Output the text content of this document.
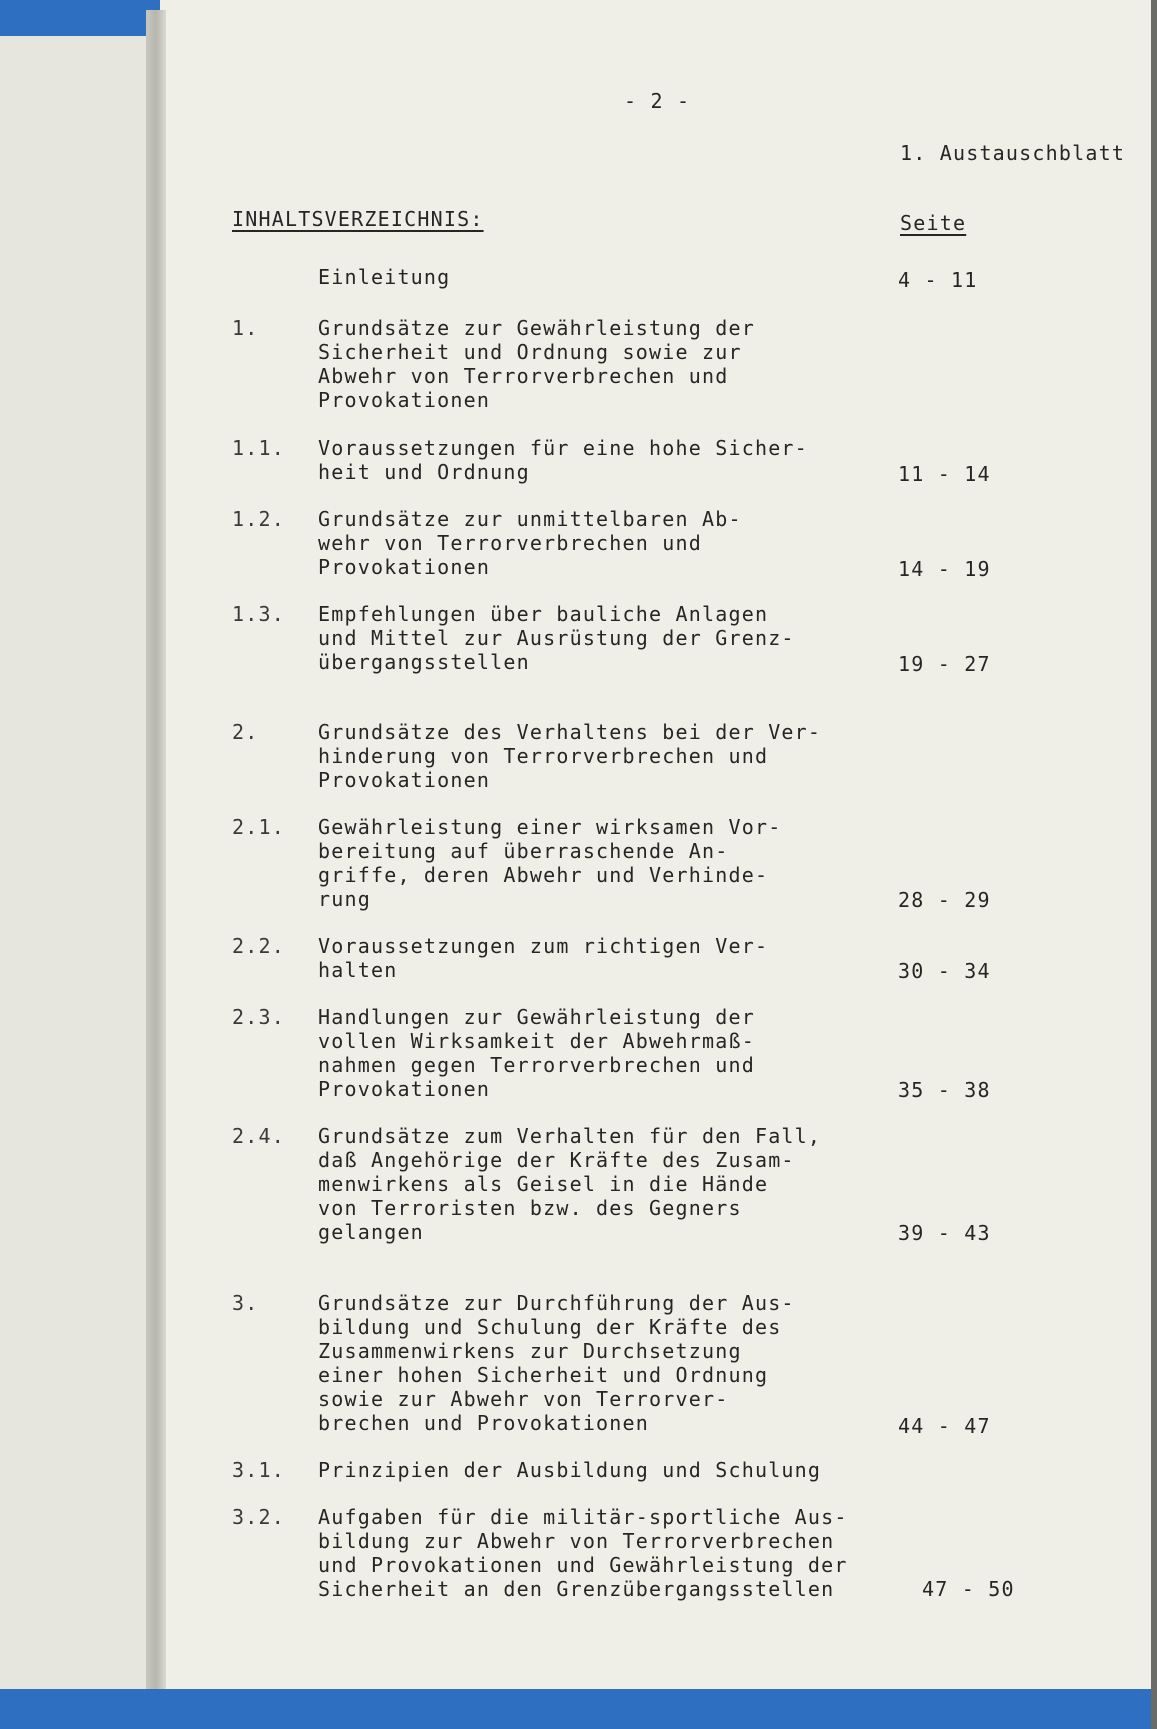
- 2 -
1. Austauschblatt
INHALTSVERZEICHNIS:	Seite
Einleitung	4 - 11
1.	Grundsätze zur Gewährleistung der
Sicherheit und Ordnung sowie zur
Abwehr von Terrorverbrechen und
Provokationen
1.1. Voraussetzungen für eine hohe Sicher-
heit und Ordnung	11 - 14
1.2. Grundsätze zur unmittelbaren Ab-
wehr von Terrorverbrechen und
Provokationen	14 - 19
1.3. Empfehlungen über bauliche Anlagen
und Mittel zur Ausrüstung der Grenz-
übergangsstellen	19 - 27
2.	Grundsätze des Verhaltens bei der Ver-
hinderung von Terrorverbrechen und
Provokationen
2.1. Gewährleistung einer wirksamen Vor-
bereitung auf überraschende An-
griffe, deren Abwehr und Verhinde-
rung	28 - 29
2.2. Voraussetzungen zum richtigen Ver-
halten	30 - 34
2.3. Handlungen zur Gewährleistung der
vollen Wirksamkeit der Abwehrmaß-
nahmen gegen Terrorverbrechen und
Provokationen	35 - 38
2.4. Grundsätze zum Verhalten für den Fall,
daß Angehörige der Kräfte des Zusam-
menwirkens als Geisel in die Hände
von Terroristen bzw. des Gegners
gelangen	39 - 43
3.	Grundsätze zur Durchführung der Aus-
bildung und Schulung der Kräfte des
Zusammenwirkens zur Durchsetzung
einer hohen Sicherheit und Ordnung
sowie zur Abwehr von Terrorver-
brechen und Provokationen	44 - 47
3.1. Prinzipien der Ausbildung und Schulung
3.2. Aufgaben für die militär-sportliche Aus-
bildung zur Abwehr von Terrorverbrechen
und Provokationen und Gewährleistung der
Sicherheit an den Grenzübergangsstellen	47 - 50
